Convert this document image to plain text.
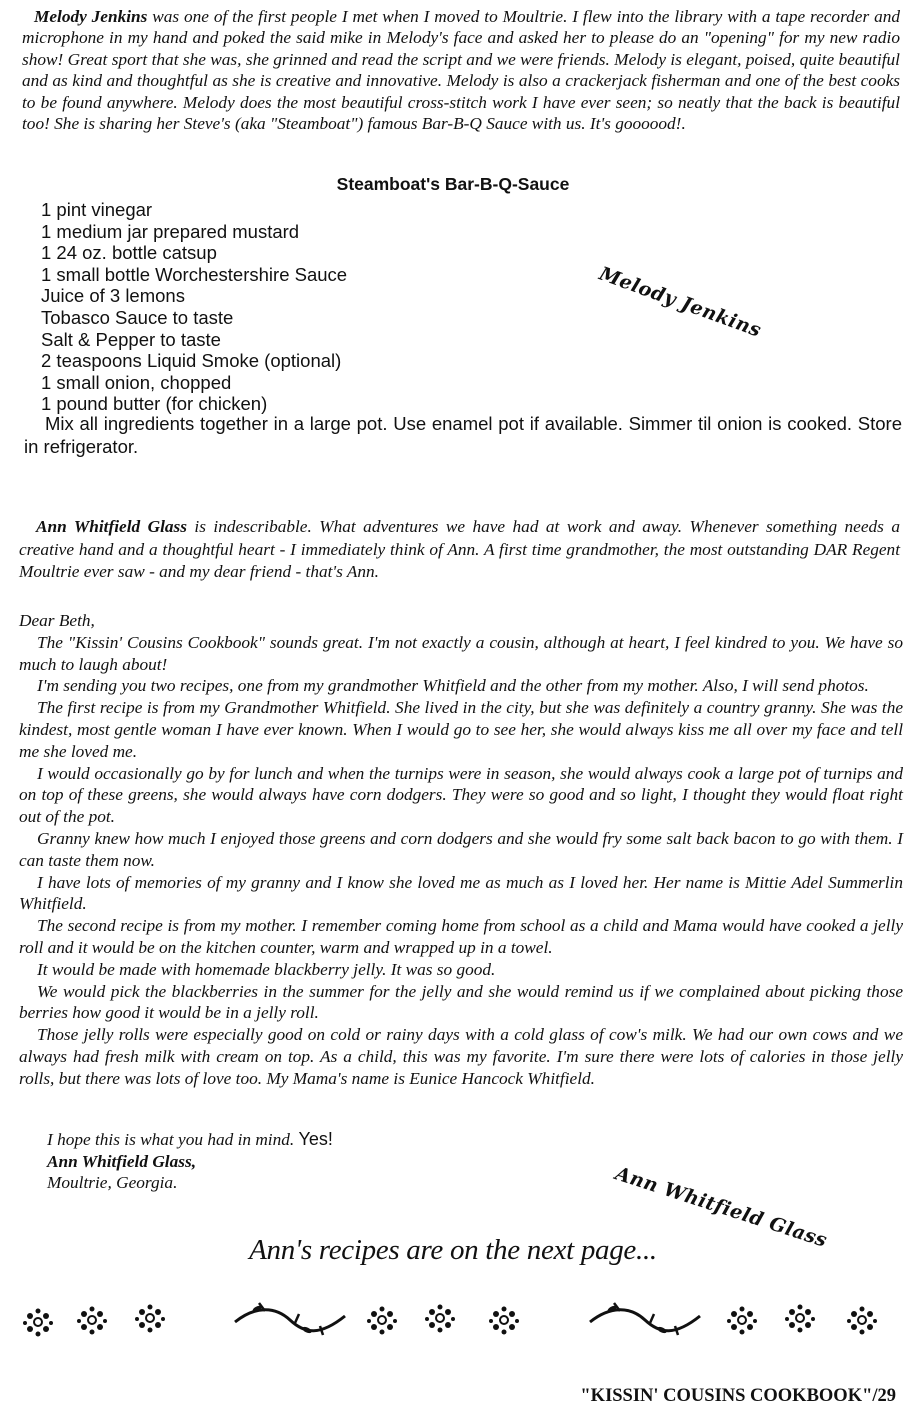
Melody Jenkins was one of the first people I met when I moved to Moultrie. I flew into the library with a tape recorder and microphone in my hand and poked the said mike in Melody's face and asked her to please do an "opening" for my new radio show! Great sport that she was, she grinned and read the script and we were friends. Melody is elegant, poised, quite beautiful and as kind and thoughtful as she is creative and innovative. Melody is also a crackerjack fisherman and one of the best cooks to be found anywhere. Melody does the most beautiful cross-stitch work I have ever seen; so neatly that the back is beautiful too! She is sharing her Steve's (aka "Steamboat") famous Bar-B-Q Sauce with us. It's goooood!.

Steamboat's Bar-B-Q-Sauce
1 pint vinegar
1 medium jar prepared mustard
1 24 oz. bottle catsup
1 small bottle Worchestershire Sauce
Juice of 3 lemons
Tobasco Sauce to taste
Salt & Pepper to taste
2 teaspoons Liquid Smoke (optional)
1 small onion, chopped
1 pound butter (for chicken)

Mix all ingredients together in a large pot. Use enamel pot if available. Simmer til onion is cooked. Store in refrigerator.

Melody Jenkins

Ann Whitfield Glass is indescribable. What adventures we have had at work and away. Whenever something needs a creative hand and a thoughtful heart - I immediately think of Ann. A first time grandmother, the most outstanding DAR Regent Moultrie ever saw - and my dear friend - that's Ann.

Dear Beth,

The "Kissin' Cousins Cookbook" sounds great. I'm not exactly a cousin, although at heart, I feel kindred to you. We have so much to laugh about!

I'm sending you two recipes, one from my grandmother Whitfield and the other from my mother. Also, I will send photos.

The first recipe is from my Grandmother Whitfield. She lived in the city, but she was definitely a country granny. She was the kindest, most gentle woman I have ever known. When I would go to see her, she would always kiss me all over my face and tell me she loved me.

I would occasionally go by for lunch and when the turnips were in season, she would always cook a large pot of turnips and on top of these greens, she would always have corn dodgers. They were so good and so light, I thought they would float right out of the pot.

Granny knew how much I enjoyed those greens and corn dodgers and she would fry some salt back bacon to go with them. I can taste them now.

I have lots of memories of my granny and I know she loved me as much as I loved her. Her name is Mittie Adel Summerlin Whitfield.

The second recipe is from my mother. I remember coming home from school as a child and Mama would have cooked a jelly roll and it would be on the kitchen counter, warm and wrapped up in a towel.

It would be made with homemade blackberry jelly. It was so good.

We would pick the blackberries in the summer for the jelly and she would remind us if we complained about picking those berries how good it would be in a jelly roll.

Those jelly rolls were especially good on cold or rainy days with a cold glass of cow's milk. We had our own cows and we always had fresh milk with cream on top. As a child, this was my favorite. I'm sure there were lots of calories in those jelly rolls, but there was lots of love too. My Mama's name is Eunice Hancock Whitfield.

I hope this is what you had in mind. Yes!
Ann Whitfield Glass,
Moultrie, Georgia.	Ann Whitfield Glass

Ann's recipes are on the next page...

"KISSIN' COUSINS COOKBOOK"/29
